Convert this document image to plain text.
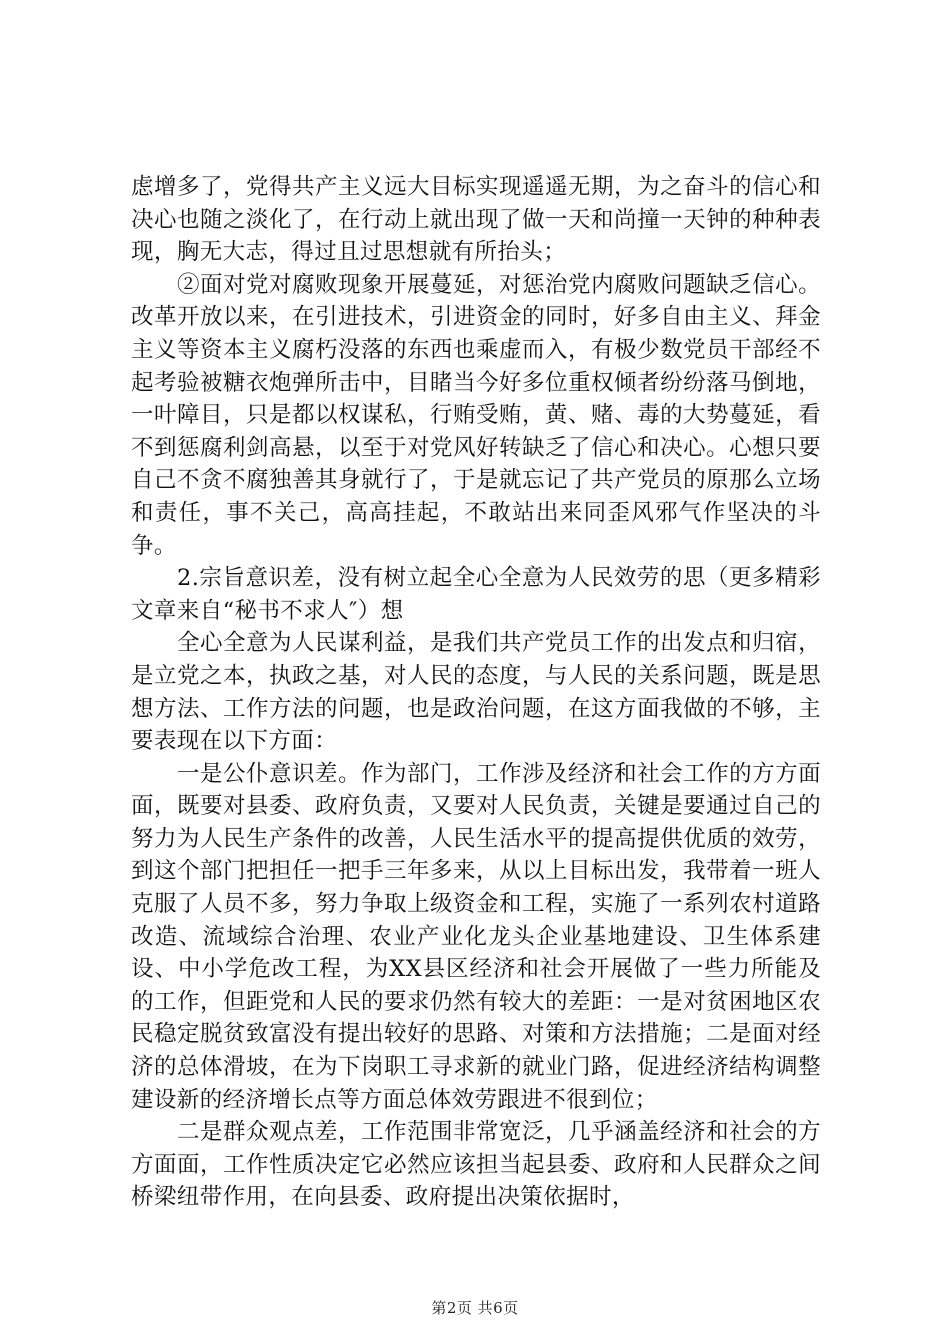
虑增多了，党得共产主义远大目标实现遥遥无期，为之奋斗的信心和决心也随之淡化了，在行动上就出现了做一天和尚撞一天钟的种种表现，胸无大志，得过且过思想就有所抬头；

②面对党对腐败现象开展蔓延，对惩治党内腐败问题缺乏信心。改革开放以来，在引进技术，引进资金的同时，好多自由主义、拜金主义等资本主义腐朽没落的东西也乘虚而入，有极少数党员干部经不起考验被糖衣炮弹所击中，目睹当今好多位重权倾者纷纷落马倒地，一叶障目，只是都以权谋私，行贿受贿，黄、赌、毒的大势蔓延，看不到惩腐利剑高悬，以至于对党风好转缺乏了信心和决心。心想只要自己不贪不腐独善其身就行了，于是就忘记了共产党员的原那么立场和责任，事不关己，高高挂起，不敢站出来同歪风邪气作坚决的斗争。

2.宗旨意识差，没有树立起全心全意为人民效劳的思（更多精彩文章来自“秘书不求人″）想

全心全意为人民谋利益，是我们共产党员工作的出发点和归宿，是立党之本，执政之基，对人民的态度，与人民的关系问题，既是思想方法、工作方法的问题，也是政治问题，在这方面我做的不够，主要表现在以下方面：

一是公仆意识差。作为部门，工作涉及经济和社会工作的方方面面，既要对县委、政府负责，又要对人民负责，关键是要通过自己的努力为人民生产条件的改善，人民生活水平的提高提供优质的效劳，到这个部门把担任一把手三年多来，从以上目标出发，我带着一班人克服了人员不多，努力争取上级资金和工程，实施了一系列农村道路改造、流域综合治理、农业产业化龙头企业基地建设、卫生体系建设、中小学危改工程，为XX县区经济和社会开展做了一些力所能及的工作，但距党和人民的要求仍然有较大的差距：一是对贫困地区农民稳定脱贫致富没有提出较好的思路、对策和方法措施；二是面对经济的总体滑坡，在为下岗职工寻求新的就业门路，促进经济结构调整建设新的经济增长点等方面总体效劳跟进不很到位；

二是群众观点差，工作范围非常宽泛，几乎涵盖经济和社会的方方面面，工作性质决定它必然应该担当起县委、政府和人民群众之间桥梁纽带作用，在向县委、政府提出决策依据时，

第2页 共6页
